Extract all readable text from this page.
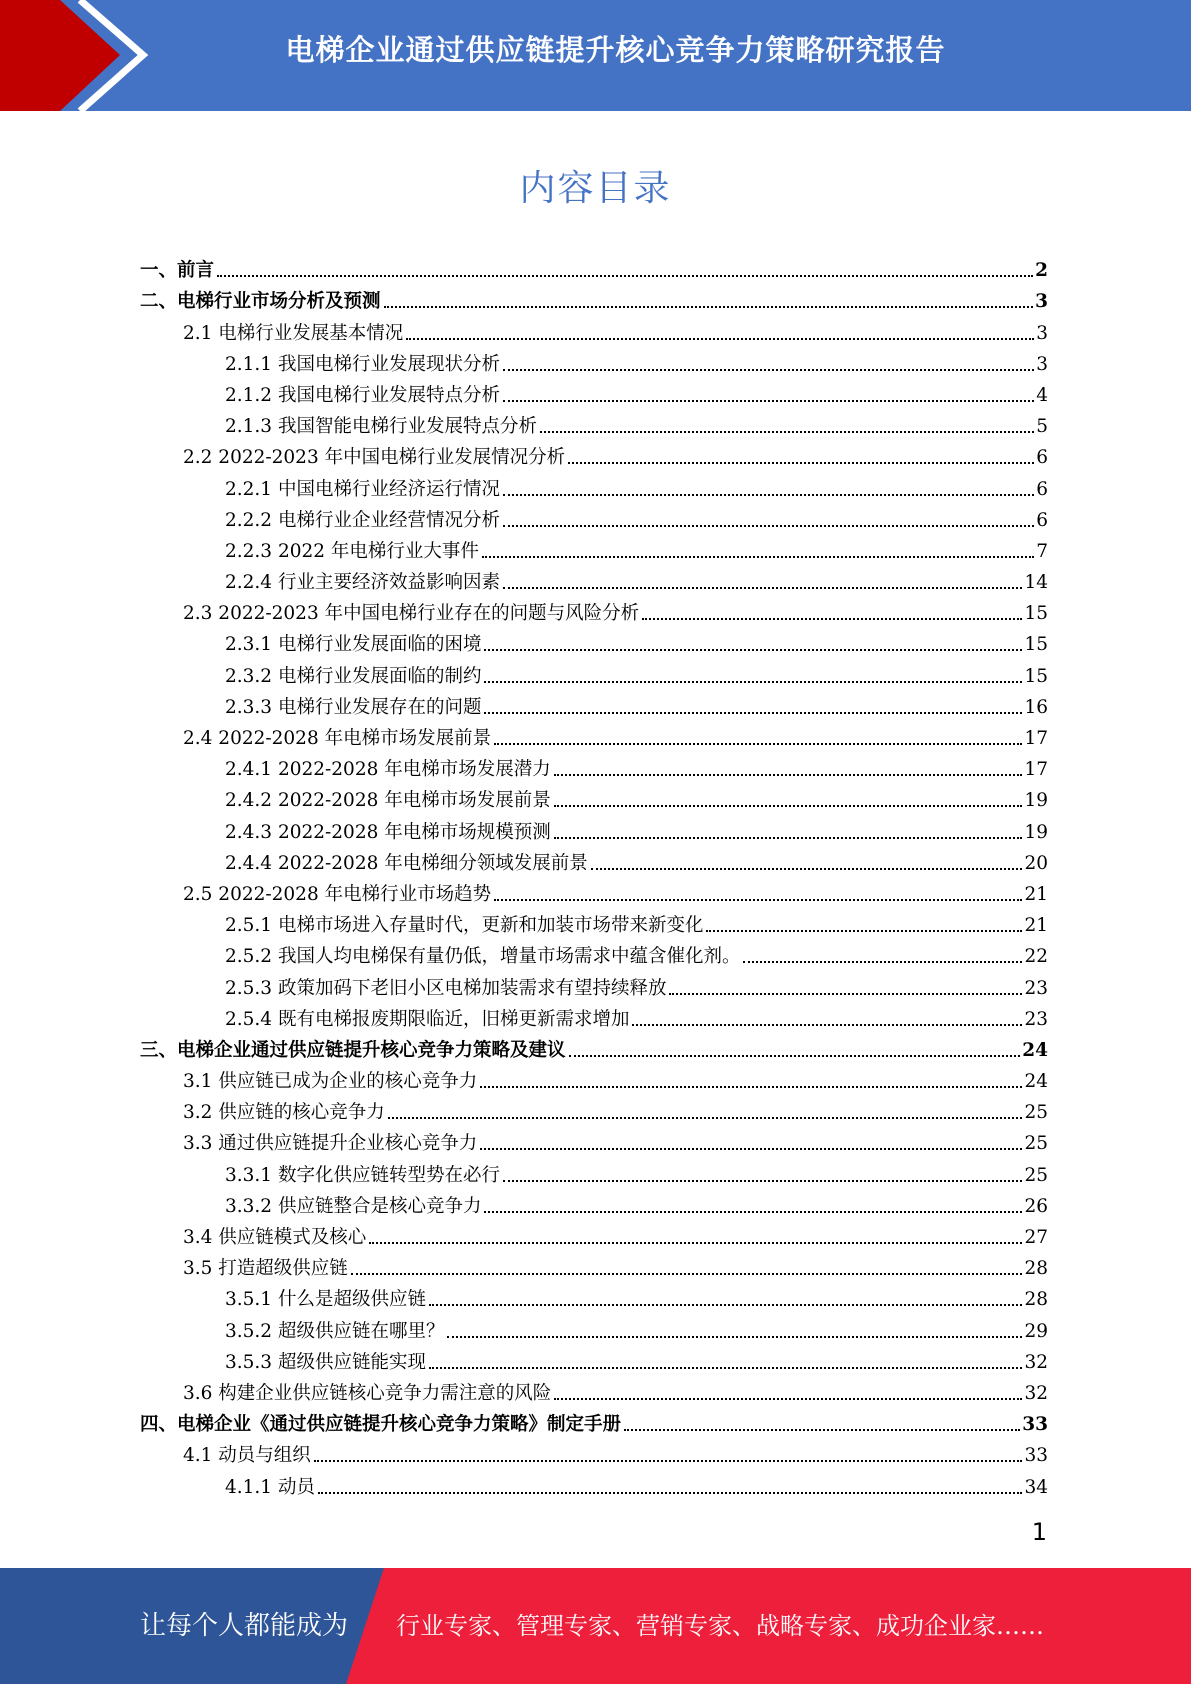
电梯企业通过供应链提升核心竞争力策略研究报告
内容目录
一、前言	2
二、电梯行业市场分析及预测	3
2.1 电梯行业发展基本情况	3
2.1.1 我国电梯行业发展现状分析	3
2.1.2 我国电梯行业发展特点分析	4
2.1.3 我国智能电梯行业发展特点分析	5
2.2 2022-2023 年中国电梯行业发展情况分析	6
2.2.1 中国电梯行业经济运行情况	6
2.2.2 电梯行业企业经营情况分析	6
2.2.3 2022 年电梯行业大事件	7
2.2.4 行业主要经济效益影响因素	14
2.3 2022-2023 年中国电梯行业存在的问题与风险分析	15
2.3.1 电梯行业发展面临的困境	15
2.3.2 电梯行业发展面临的制约	15
2.3.3 电梯行业发展存在的问题	16
2.4 2022-2028 年电梯市场发展前景	17
2.4.1 2022-2028 年电梯市场发展潜力	17
2.4.2 2022-2028 年电梯市场发展前景	19
2.4.3 2022-2028 年电梯市场规模预测	19
2.4.4 2022-2028 年电梯细分领域发展前景	20
2.5 2022-2028 年电梯行业市场趋势	21
2.5.1 电梯市场进入存量时代，更新和加装市场带来新变化	21
2.5.2 我国人均电梯保有量仍低，增量市场需求中蕴含催化剂。	22
2.5.3 政策加码下老旧小区电梯加装需求有望持续释放	23
2.5.4 既有电梯报废期限临近，旧梯更新需求增加	23
三、电梯企业通过供应链提升核心竞争力策略及建议	24
3.1 供应链已成为企业的核心竞争力	24
3.2 供应链的核心竞争力	25
3.3 通过供应链提升企业核心竞争力	25
3.3.1 数字化供应链转型势在必行	25
3.3.2 供应链整合是核心竞争力	26
3.4 供应链模式及核心	27
3.5 打造超级供应链	28
3.5.1 什么是超级供应链	28
3.5.2 超级供应链在哪里？	29
3.5.3 超级供应链能实现	32
3.6 构建企业供应链核心竞争力需注意的风险	32
四、电梯企业《通过供应链提升核心竞争力策略》制定手册	33
4.1 动员与组织	33
4.1.1 动员	34
1
让每个人都能成为 行业专家、管理专家、营销专家、战略专家、成功企业家……
